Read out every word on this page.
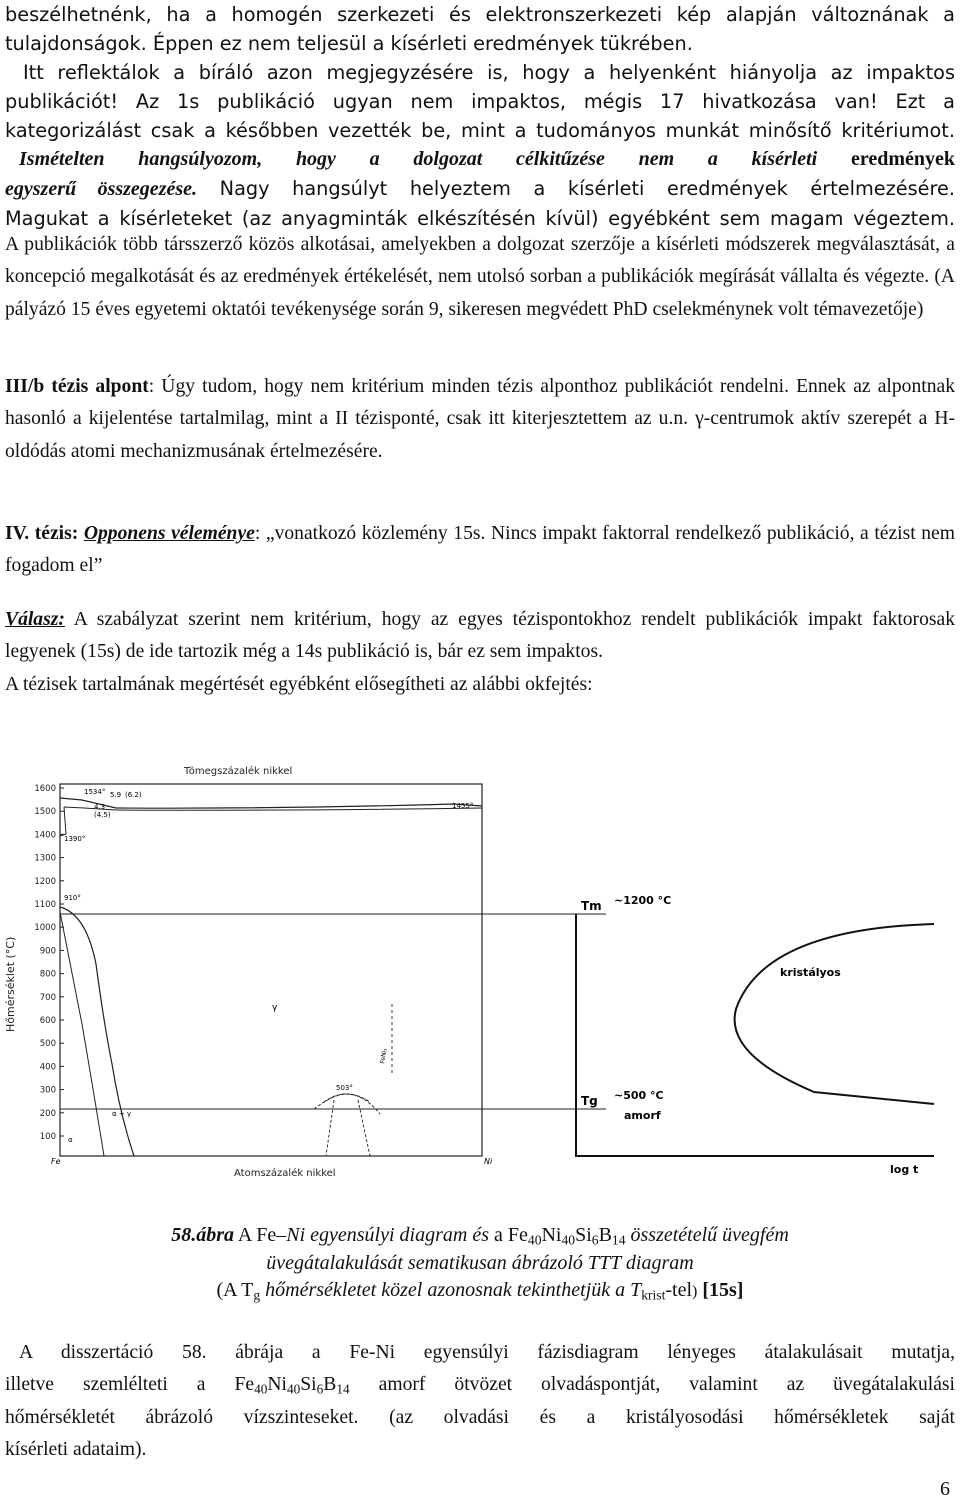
beszélhetnénk, ha a homogén szerkezeti és elektronszerkezeti kép alapján változnának a

tulajdonságok. Éppen ez nem teljesül a kísérleti eredmények tükrében.

Itt reflektálok a bíráló azon megjegyzésére is, hogy a helyenként hiányolja az impaktos

publikációt! Az 1s publikáció ugyan nem impaktos, mégis 17 hivatkozása van! Ezt a

kategorizálást csak a későbben vezették be, mint a tudományos munkát minősítő kritériumot.

Ismételten hangsúlyozom, hogy a dolgozat célkitűzése nem a kísérleti eredmények

egyszerű összegezése. Nagy hangsúlyt helyeztem a kísérleti eredmények értelmezésére.

Magukat a kísérleteket (az anyagminták elkészítésén kívül) egyébként sem magam végeztem.

A publikációk több társszerző közös alkotásai, amelyekben a dolgozat szerzője a kísérleti módszerek megválasztását, a koncepció megalkotását és az eredmények értékelését, nem utolsó sorban a publikációk megírását vállalta és végezte. (A pályázó 15 éves egyetemi oktatói tevékenysége során 9, sikeresen megvédett PhD cselekménynek volt témavezetője)

III/b tézis alpont: Úgy tudom, hogy nem kritérium minden tézis alponthoz publikációt rendelni. Ennek az alpontnak hasonló a kijelentése tartalmilag, mint a II tézisponté, csak itt kiterjesztettem az u.n. γ-centrumok aktív szerepét a H-oldódás atomi mechanizmusának értelmezésére.

IV. tézis: Opponens véleménye: „vonatkozó közlemény 15s. Nincs impakt faktorral rendelkező publikáció, a tézist nem fogadom el”

Válasz: A szabályzat szerint nem kritérium, hogy az egyes tézispontokhoz rendelt publikációk impakt faktorosak legyenek (15s) de ide tartozik még a 14s publikáció is, bár ez sem impaktos.

A tézisek tartalmának megértését egyébként elősegítheti az alábbi okfejtés:

Tömegszázalék nikkel
Atomszázalék nikkel
Hőmérséklet (°C)
1600
1500
1400
1300
1200
1100
1000
900
800
700
600
500
400
300
200
100
Fe	Ni
1534° 5.9 (6.2)
4.3
(4.5)
1390°
1455°
910°
503°
γ
FeNi₃
α
α + γ
Tm
Tg
~1200 °C
~500 °C
kristályos
amorf
log t
58.ábra A Fe–Ni egyensúlyi diagram és a $Fe_{40}Ni_{40}Si_6B_{14}$ összetételű üvegfém
üvegátalakulását sematikusan ábrázoló TTT diagram
(A $T_g$ hőmérsékletet közel azonosnak tekinthetjük a $T_{krist}-tel$) [15s]

A disszertáció 58. ábrája a Fe-Ni egyensúlyi fázisdiagram lényeges átalakulásait mutatja,

illetve szemlélteti a $Fe_{40}Ni_{40}Si_6B_{14}$ amorf ötvözet olvadáspontját, valamint az üvegátalakulási

hőmérsékletét ábrázoló vízszinteseket. (az olvadási és a kristályosodási hőmérsékletek saját

kísérleti adataim).

6
